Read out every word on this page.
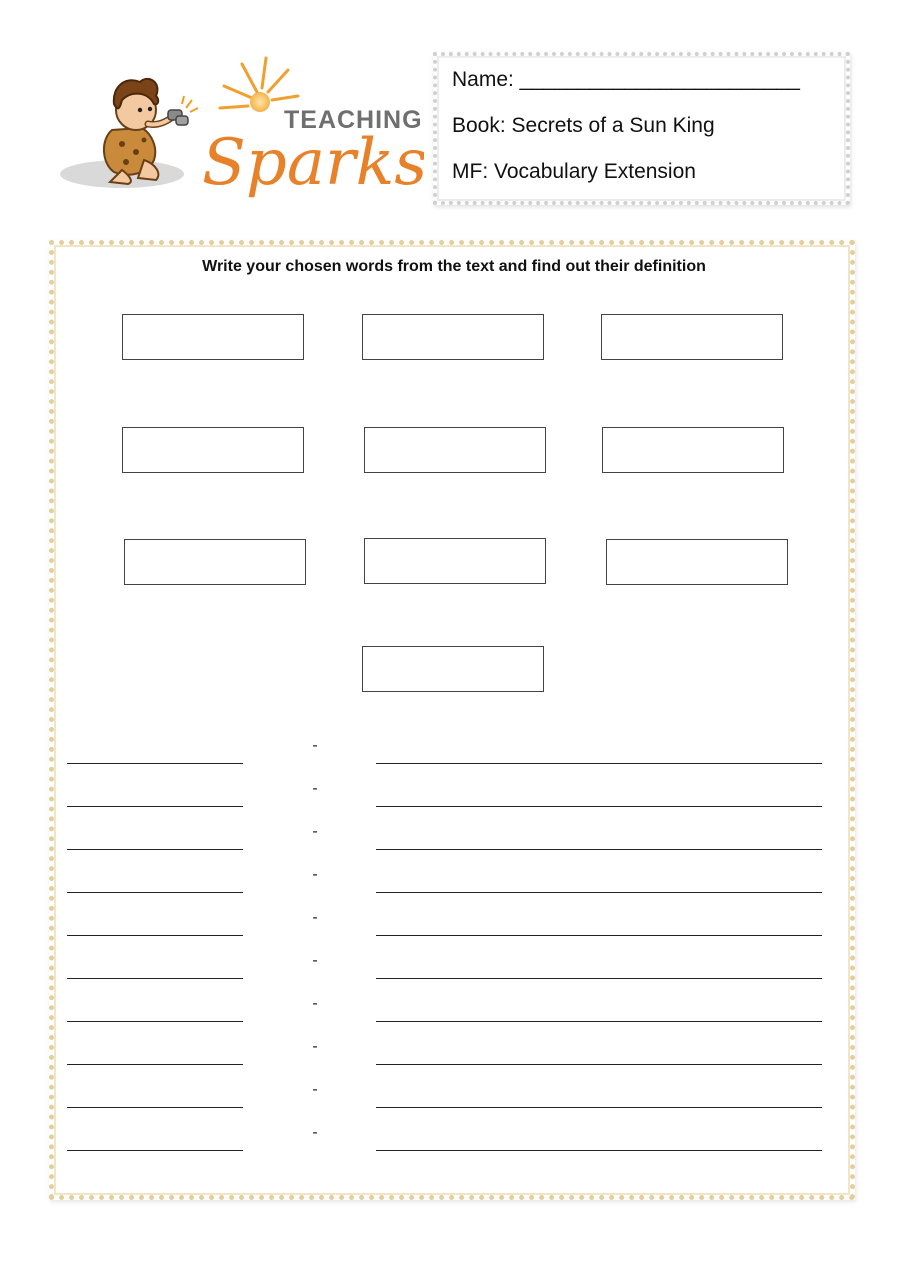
TEACHING
Sparks
Name: ________________________
Book: Secrets of a Sun King
MF: Vocabulary Extension
Write your chosen words from the text and find out their definition
-
-
-
-
-
-
-
-
-
-
